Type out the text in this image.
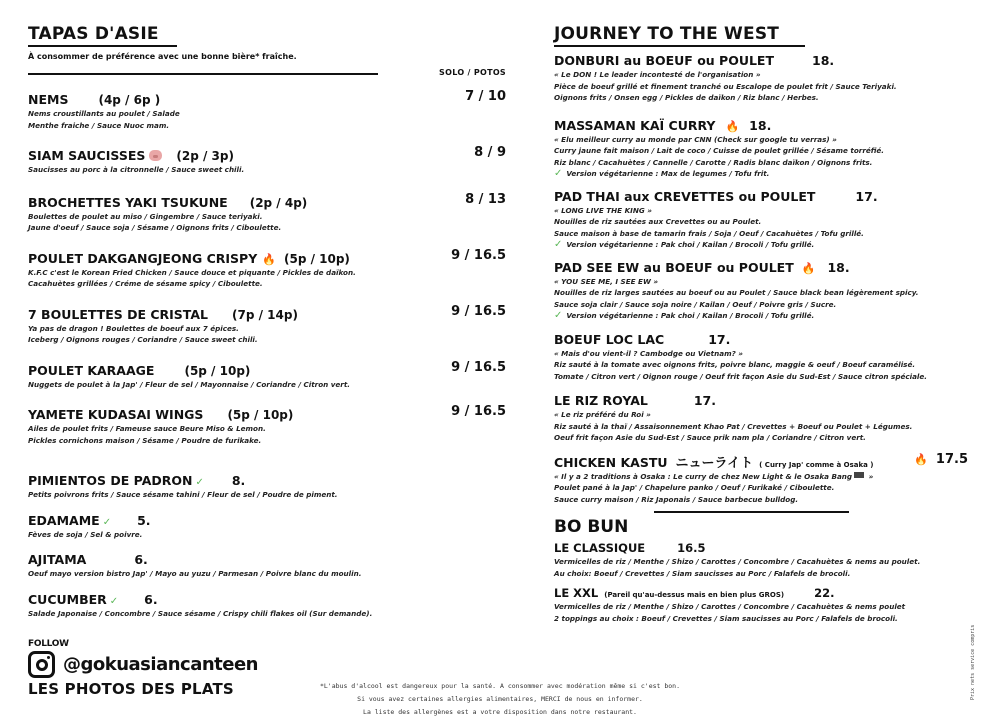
TAPAS D'ASIE
À consommer de préférence avec une bonne bière* fraîche.
SOLO / POTOS
NEMS	(4p / 6p )	7 / 10
Nems croustillants au poulet / Salade
Menthe fraiche / Sauce Nuoc mam.
SIAM SAUCISSES	(2p / 3p)	8 / 9
Saucisses au porc à la citronnelle / Sauce sweet chili.
BROCHETTES YAKI TSUKUNE (2p / 4p)	8 / 13
Boulettes de poulet au miso / Gingembre / Sauce teriyaki.
Jaune d'oeuf / Sauce soja / Sésame / Oignons frits / Ciboulette.
POULET DAKGANGJEONG CRISPY 🔥 (5p / 10p)	9 / 16.5
K.F.C c'est le Korean Fried Chicken / Sauce douce et piquante / Pickles de daïkon.
Cacahuètes grillées / Créme de sésame spicy / Ciboulette.
7 BOULETTES DE CRISTAL (7p / 14p)	9 / 16.5
Ya pas de dragon ! Boulettes de boeuf aux 7 épices.
Iceberg / Oignons rouges / Coriandre / Sauce sweet chili.
POULET KARAAGE	(5p / 10p)	9 / 16.5
Nuggets de poulet à la Jap' / Fleur de sel / Mayonnaise / Coriandre / Citron vert.
YAMETE KUDASAI WINGS (5p / 10p)	9 / 16.5
Ailes de poulet frits / Fameuse sauce Beure Miso & Lemon.
Pickles cornichons maison / Sésame / Poudre de furikake.
PIMIENTOS DE PADRON ✓ 8.
Petits poivrons frits / Sauce sésame tahini / Fleur de sel / Poudre de piment.
EDAMAME ✓ 5.
Fèves de soja / Sel & poivre.
AJITAMA	6.
Oeuf mayo version bistro Jap' / Mayo au yuzu / Parmesan / Poivre blanc du moulin.
CUCUMBER ✓ 6.
Salade Japonaise / Concombre / Sauce sésame / Crispy chili flakes oil (Sur demande).
JOURNEY TO THE WEST
DONBURI au BOEUF ou POULET	18.
« Le DON ! Le leader incontesté de l'organisation »
Pièce de boeuf grillé et finement tranché ou Escalope de poulet frit / Sauce Teriyaki.
Oignons frits / Onsen egg / Pickles de daïkon / Riz blanc / Herbes.
MASSAMAN KAÏ CURRY 🔥 18.
« Elu meilleur curry au monde par CNN (Check sur google tu verras) »
Curry jaune fait maison / Lait de coco / Cuisse de poulet grillée / Sésame torréfié.
Riz blanc / Cacahuètes / Cannelle / Carotte / Radis blanc daïkon / Oignons frits.
✓ Version végétarienne : Max de legumes / Tofu frit.
PAD THAI aux CREVETTES ou POULET	17.
« LONG LIVE THE KING »
Nouilles de riz sautées aux Crevettes ou au Poulet.
Sauce maison à base de tamarin frais / Soja / Oeuf / Cacahuètes / Tofu grillé.
✓ Version végétarienne : Pak choi / Kailan / Brocoli / Tofu grillé.
PAD SEE EW au BOEUF ou POULET 🔥 18.
« YOU SEE ME, I SEE EW »
Nouilles de riz larges sautées au boeuf ou au Poulet / Sauce black bean légèrement spicy.
Sauce soja clair / Sauce soja noire / Kailan / Oeuf / Poivre gris / Sucre.
✓ Version végétarienne : Pak choi / Kailan / Brocoli / Tofu grillé.
BOEUF LOC LAC	17.
« Mais d'ou vient-il ? Cambodge ou Vietnam? »
Riz sauté à la tomate avec oignons frits, poivre blanc, maggie & oeuf / Boeuf caramélisé.
Tomate / Citron vert / Oignon rouge / Oeuf frit façon Asie du Sud-Est / Sauce citron spéciale.
LE RIZ ROYAL	17.
« Le riz préféré du Roi »
Riz sauté à la thaï / Assaisonnement Khao Pat / Crevettes + Boeuf ou Poulet + Légumes.
Oeuf frit façon Asie du Sud-Est / Sauce prik nam pla / Coriandre / Citron vert.
CHICKEN KASTU ニューライト ( Curry Jap' comme à Osaka )	🔥 17.5
« Il y a 2 traditions à Osaka : Le curry de chez New Light & le Osaka Bang »
Poulet pané à la Jap' / Chapelure panko / Oeuf / Furikaké / Ciboulette.
Sauce curry maison / Riz Japonais / Sauce barbecue bulldog.
BO BUN
LE CLASSIQUE	16.5
Vermicelles de riz / Menthe / Shizo / Carottes / Concombre / Cacahuètes & nems au poulet.
Au choix: Boeuf / Crevettes / Siam saucisses au Porc / Falafels de brocoli.
LE XXL (Pareil qu'au-dessus mais en bien plus GROS)	22.
Vermicelles de riz / Menthe / Shizo / Carottes / Concombre / Cacahuètes & nems poulet
2 toppings au choix : Boeuf / Crevettes / Siam saucisses au Porc / Falafels de brocoli.
FOLLOW
@gokuasiancanteen
LES PHOTOS DES PLATS	*L'abus d'alcool est dangereux pour la santé. A consommer avec modération même si c'est bon.
Si vous avez certaines allergies alimentaires, MERCI de nous en informer.
La liste des allergènes est a votre disposition dans notre restaurant.
Prix nets service compris
